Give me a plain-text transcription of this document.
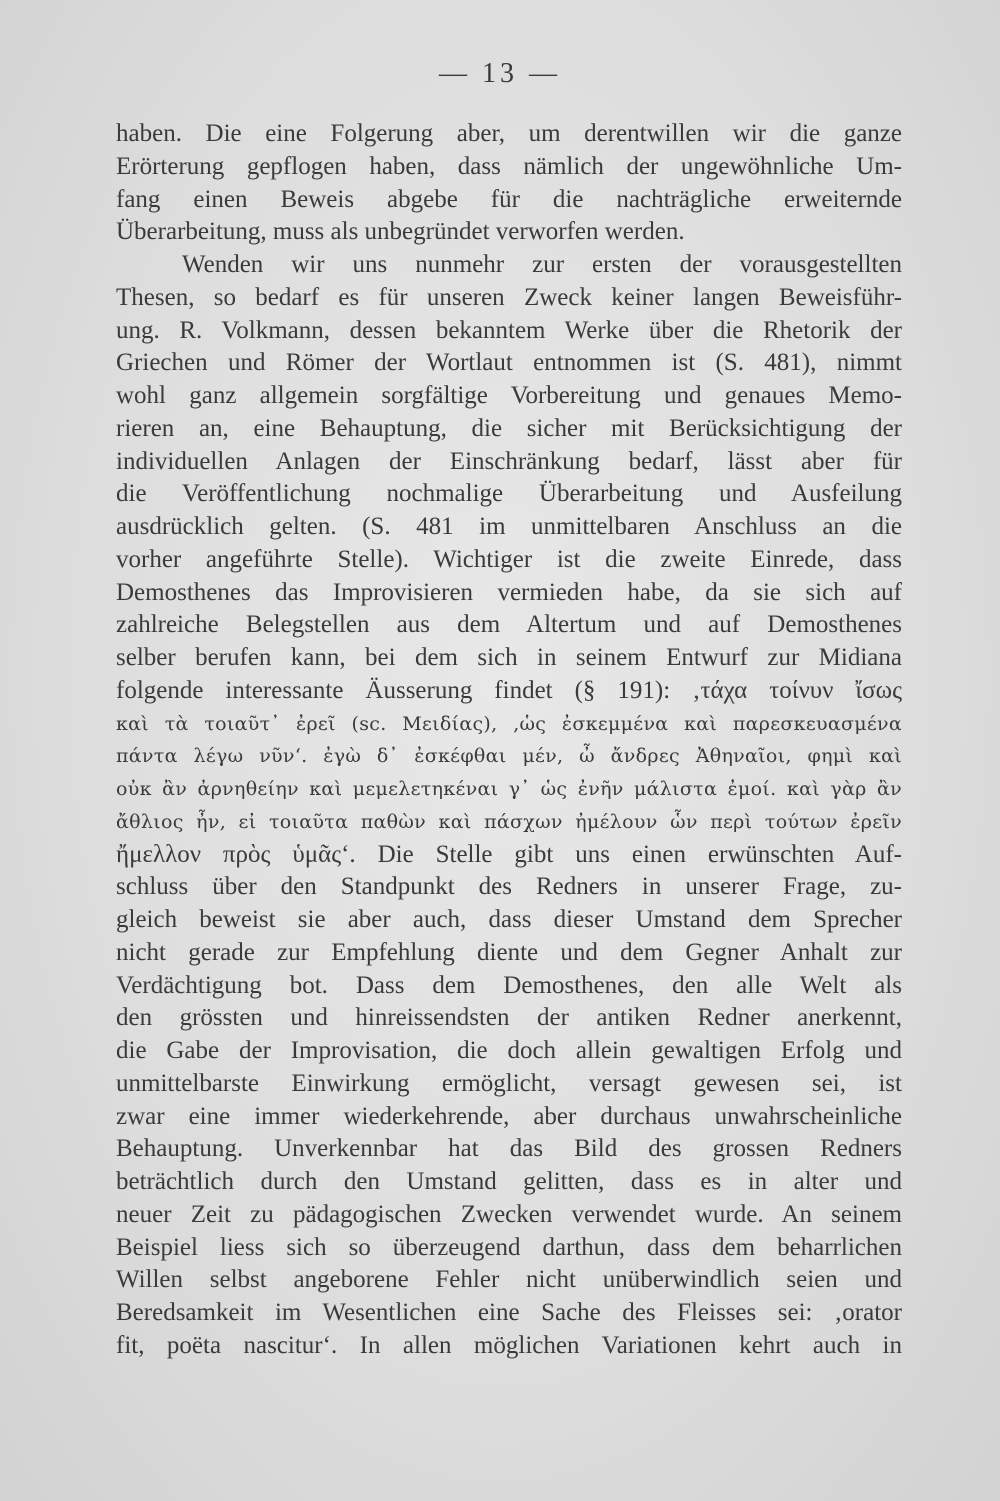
— 13 —
haben. Die eine Folgerung aber, um derentwillen wir die ganze
Erörterung gepflogen haben, dass nämlich der ungewöhnliche Um-
fang einen Beweis abgebe für die nachträgliche erweiternde
Überarbeitung, muss als unbegründet verworfen werden.
Wenden wir uns nunmehr zur ersten der vorausgestellten
Thesen, so bedarf es für unseren Zweck keiner langen Beweisführ-
ung. R. Volkmann, dessen bekanntem Werke über die Rhetorik der
Griechen und Römer der Wortlaut entnommen ist (S. 481), nimmt
wohl ganz allgemein sorgfältige Vorbereitung und genaues Memo-
rieren an, eine Behauptung, die sicher mit Berücksichtigung der
individuellen Anlagen der Einschränkung bedarf, lässt aber für
die Veröffentlichung nochmalige Überarbeitung und Ausfeilung
ausdrücklich gelten. (S. 481 im unmittelbaren Anschluss an die
vorher angeführte Stelle). Wichtiger ist die zweite Einrede, dass
Demosthenes das Improvisieren vermieden habe, da sie sich auf
zahlreiche Belegstellen aus dem Altertum und auf Demosthenes
selber berufen kann, bei dem sich in seinem Entwurf zur Midiana
folgende interessante Äusserung findet (§ 191): ‚τάχα τοίνυν ἴσως
καὶ τὰ τοιαῦτ᾽ ἐρεῖ (sc. Μειδίας), ‚ὡς ἐσκεμμένα καὶ παρεσκευασμένα
πάντα λέγω νῦν‘. ἐγὼ δ᾽ ἐσκέφθαι μέν, ὦ ἄνδρες Ἀθηναῖοι, φημὶ καὶ
οὐκ ἂν ἀρνηθείην καὶ μεμελετηκέναι γ᾽ ὡς ἐνῆν μάλιστα ἐμοί. καὶ γὰρ ἂν
ἄθλιος ἦν, εἰ τοιαῦτα παθὼν καὶ πάσχων ἠμέλουν ὧν περὶ τούτων ἐρεῖν
ἤμελλον πρὸς ὑμᾶς‘. Die Stelle gibt uns einen erwünschten Auf-
schluss über den Standpunkt des Redners in unserer Frage, zu-
gleich beweist sie aber auch, dass dieser Umstand dem Sprecher
nicht gerade zur Empfehlung diente und dem Gegner Anhalt zur
Verdächtigung bot. Dass dem Demosthenes, den alle Welt als
den grössten und hinreissendsten der antiken Redner anerkennt,
die Gabe der Improvisation, die doch allein gewaltigen Erfolg und
unmittelbarste Einwirkung ermöglicht, versagt gewesen sei, ist
zwar eine immer wiederkehrende, aber durchaus unwahrscheinliche
Behauptung. Unverkennbar hat das Bild des grossen Redners
beträchtlich durch den Umstand gelitten, dass es in alter und
neuer Zeit zu pädagogischen Zwecken verwendet wurde. An seinem
Beispiel liess sich so überzeugend darthun, dass dem beharrlichen
Willen selbst angeborene Fehler nicht unüberwindlich seien und
Beredsamkeit im Wesentlichen eine Sache des Fleisses sei: ‚orator
fit, poëta nascitur‘. In allen möglichen Variationen kehrt auch in
